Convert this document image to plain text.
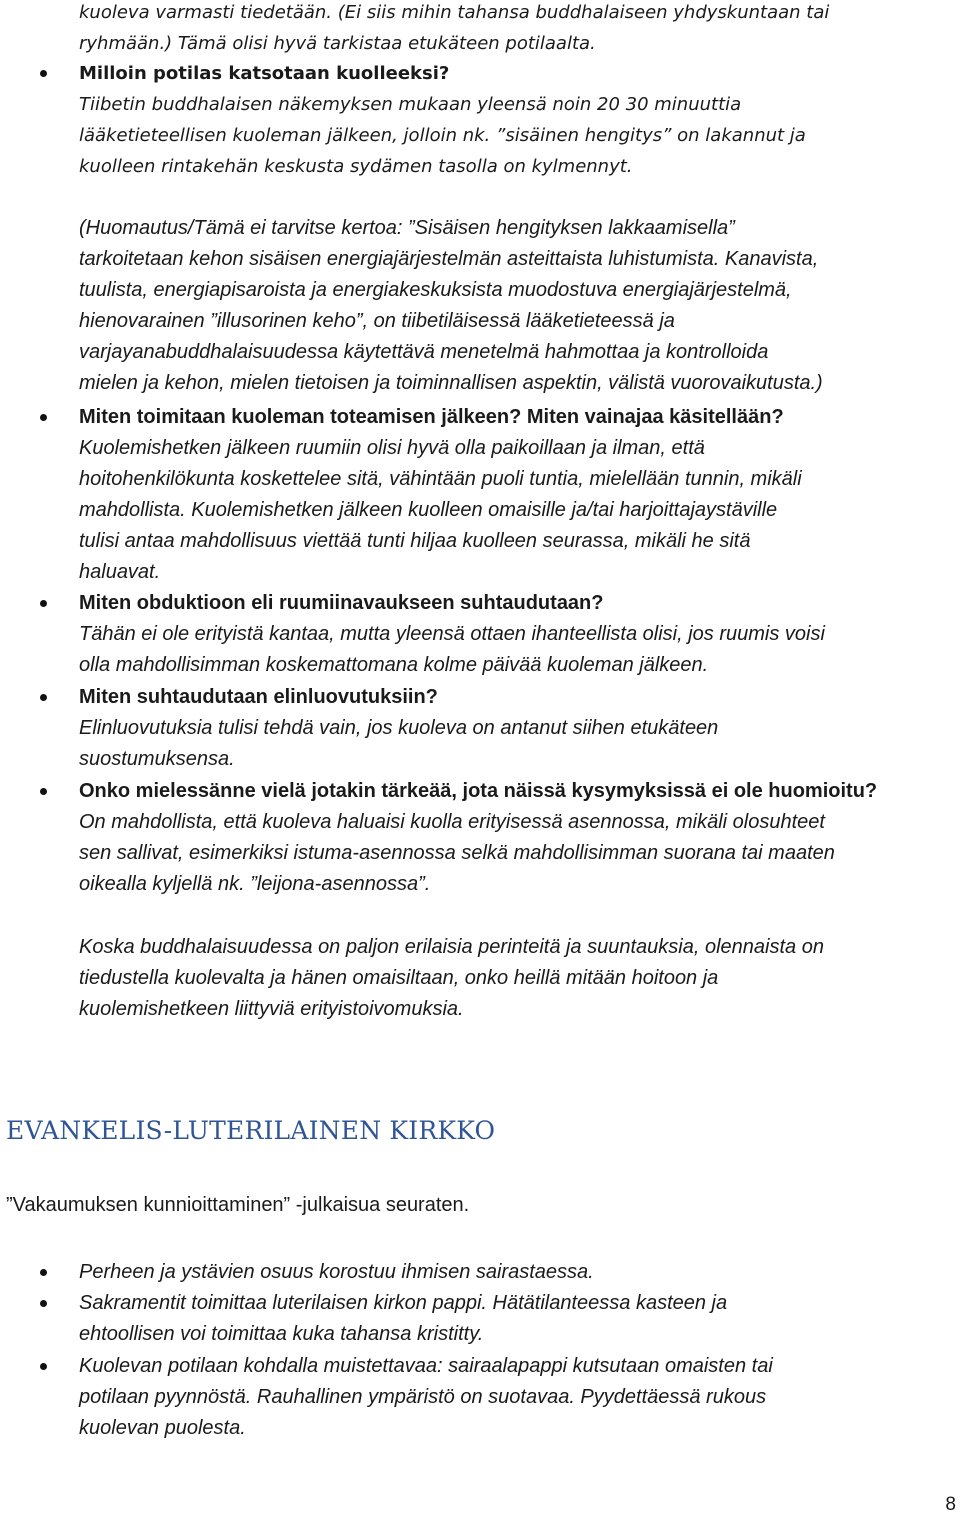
kuoleva varmasti tiedetään. (Ei siis mihin tahansa buddhalaiseen yhdyskuntaan tai
ryhmään.) Tämä olisi hyvä tarkistaa etukäteen potilaalta.
Milloin potilas katsotaan kuolleeksi?
Tiibetin buddhalaisen näkemyksen mukaan yleensä noin 20 30 minuuttia
lääketieteellisen kuoleman jälkeen, jolloin nk. ”sisäinen hengitys” on lakannut ja
kuolleen rintakehän keskusta sydämen tasolla on kylmennyt.
(Huomautus/Tämä ei tarvitse kertoa: ”Sisäisen hengityksen lakkaamisella”
tarkoitetaan kehon sisäisen energiajärjestelmän asteittaista luhistumista. Kanavista,
tuulista, energiapisaroista ja energiakeskuksista muodostuva energiajärjestelmä,
hienovarainen ”illusorinen keho”, on tiibetiläisessä lääketieteessä ja
varjayanabuddhalaisuudessa käytettävä menetelmä hahmottaa ja kontrolloida
mielen ja kehon, mielen tietoisen ja toiminnallisen aspektin, välistä vuorovaikutusta.)
Miten toimitaan kuoleman toteamisen jälkeen? Miten vainajaa käsitellään?
Kuolemishetken jälkeen ruumiin olisi hyvä olla paikoillaan ja ilman, että
hoitohenkilökunta koskettelee sitä, vähintään puoli tuntia, mielellään tunnin, mikäli
mahdollista. Kuolemishetken jälkeen kuolleen omaisille ja/tai harjoittajaystäville
tulisi antaa mahdollisuus viettää tunti hiljaa kuolleen seurassa, mikäli he sitä
haluavat.
Miten obduktioon eli ruumiinavaukseen suhtaudutaan?
Tähän ei ole erityistä kantaa, mutta yleensä ottaen ihanteellista olisi, jos ruumis voisi
olla mahdollisimman koskemattomana kolme päivää kuoleman jälkeen.
Miten suhtaudutaan elinluovutuksiin?
Elinluovutuksia tulisi tehdä vain, jos kuoleva on antanut siihen etukäteen
suostumuksensa.
Onko mielessänne vielä jotakin tärkeää, jota näissä kysymyksissä ei ole huomioitu?
On mahdollista, että kuoleva haluaisi kuolla erityisessä asennossa, mikäli olosuhteet
sen sallivat, esimerkiksi istuma-asennossa selkä mahdollisimman suorana tai maaten
oikealla kyljellä nk. ”leijona-asennossa”.
Koska buddhalaisuudessa on paljon erilaisia perinteitä ja suuntauksia, olennaista on
tiedustella kuolevalta ja hänen omaisiltaan, onko heillä mitään hoitoon ja
kuolemishetkeen liittyviä erityistoivomuksia.
EVANKELIS-LUTERILAINEN KIRKKO
”Vakaumuksen kunnioittaminen” -julkaisua seuraten.
Perheen ja ystävien osuus korostuu ihmisen sairastaessa.
Sakramentit toimittaa luterilaisen kirkon pappi. Hätätilanteessa kasteen ja
ehtoollisen voi toimittaa kuka tahansa kristitty.
Kuolevan potilaan kohdalla muistettavaa: sairaalapappi kutsutaan omaisten tai
potilaan pyynnöstä. Rauhallinen ympäristö on suotavaa. Pyydettäessä rukous
kuolevan puolesta.
8
